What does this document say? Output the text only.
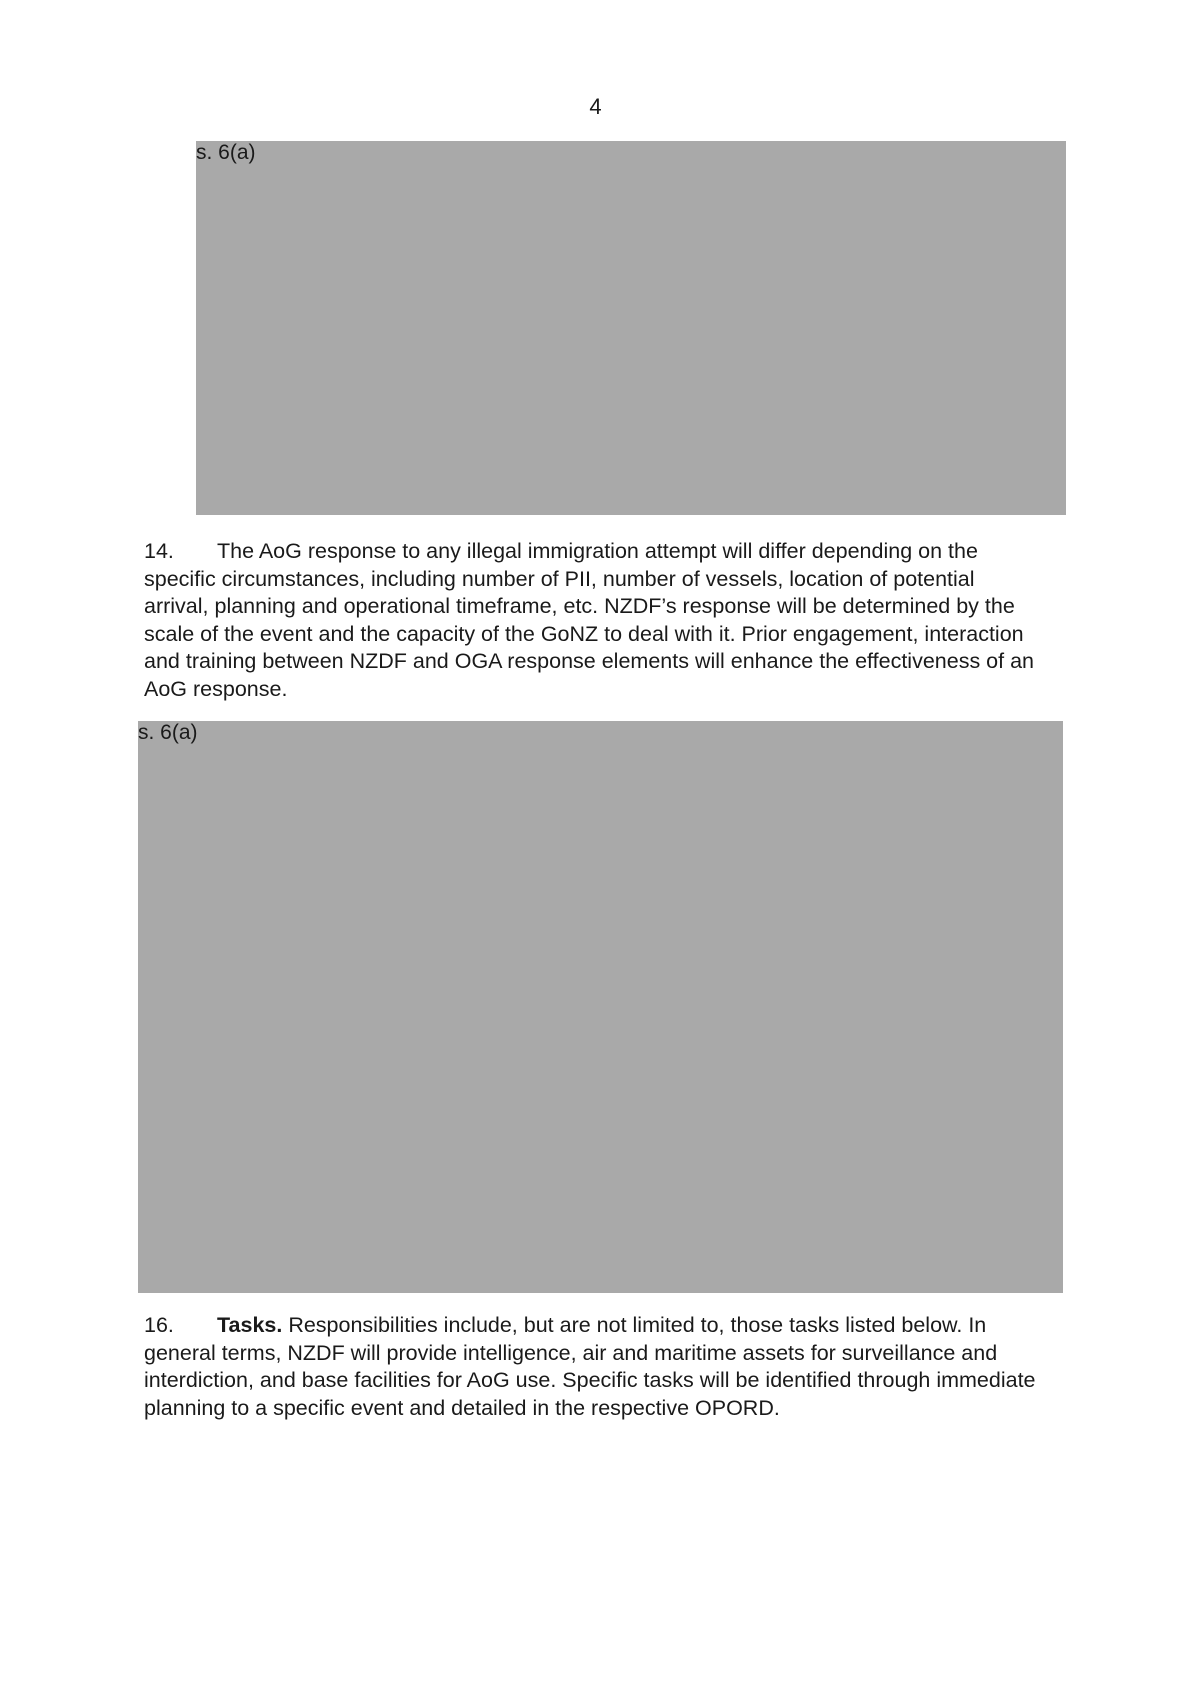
4
s. 6(a)

14. The AoG response to any illegal immigration attempt will differ depending on the specific circumstances, including number of PII, number of vessels, location of potential arrival, planning and operational timeframe, etc. NZDF’s response will be determined by the scale of the event and the capacity of the GoNZ to deal with it. Prior engagement, interaction and training between NZDF and OGA response elements will enhance the effectiveness of an AoG response.

s. 6(a)

16. Tasks. Responsibilities include, but are not limited to, those tasks listed below. In general terms, NZDF will provide intelligence, air and maritime assets for surveillance and interdiction, and base facilities for AoG use. Specific tasks will be identified through immediate planning to a specific event and detailed in the respective OPORD.
